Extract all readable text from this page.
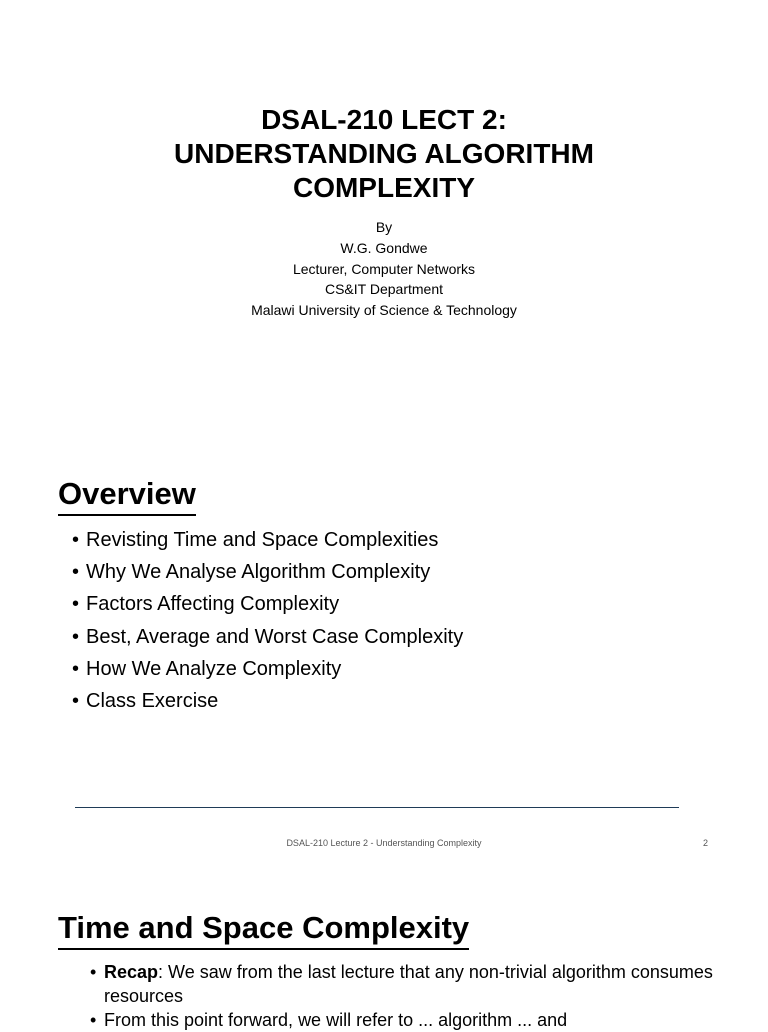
DSAL-210 LECT 2:
UNDERSTANDING ALGORITHM
COMPLEXITY
By
W.G. Gondwe
Lecturer, Computer Networks
CS&IT Department
Malawi University of Science & Technology
Overview
• Revisting Time and Space Complexities
• Why We Analyse Algorithm Complexity
• Factors Affecting Complexity
• Best, Average and Worst Case Complexity
• How We Analyze Complexity
• Class Exercise
DSAL-210 Lecture 2 - Understanding Complexity	2
Time and Space Complexity
• Recap: We saw from the last lecture that any non-trivial algorithm consumes resources
• From this point forward, we will refer to ... algorithm ... and
